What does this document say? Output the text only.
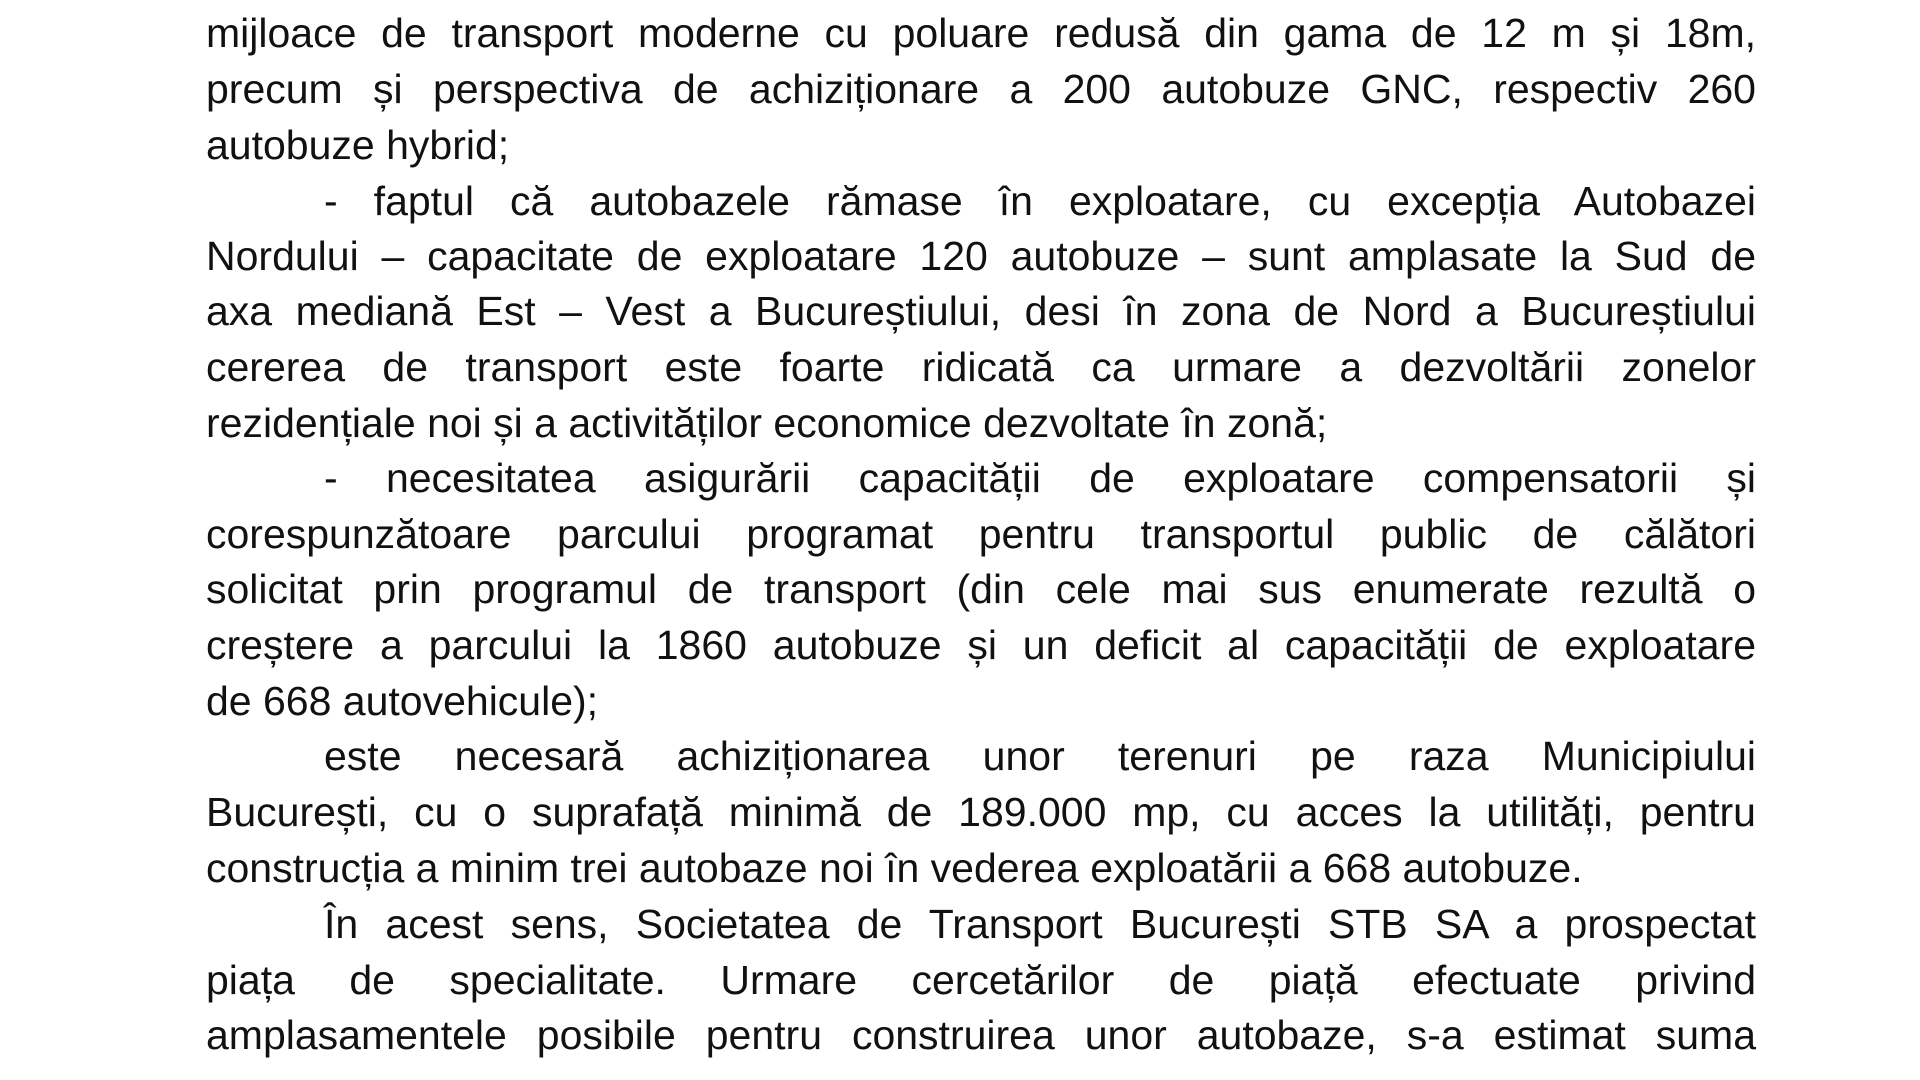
mijloace de transport moderne cu poluare redusă din gama de 12 m și 18m,
precum și perspectiva de achiziționare a 200 autobuze GNC, respectiv 260
autobuze hybrid;
- faptul că autobazele rămase în exploatare, cu excepția Autobazei
Nordului – capacitate de exploatare 120 autobuze – sunt amplasate la Sud de
axa mediană Est – Vest a Bucureștiului, desi în zona de Nord a Bucureștiului
cererea de transport este foarte ridicată ca urmare a dezvoltării zonelor
rezidențiale noi și a activităților economice dezvoltate în zonă;
- necesitatea asigurării capacității de exploatare compensatorii și
corespunzătoare parcului programat pentru transportul public de călători
solicitat prin programul de transport (din cele mai sus enumerate rezultă o
creștere a parcului la 1860 autobuze și un deficit al capacității de exploatare
de 668 autovehicule);
este necesară achiziționarea unor terenuri pe raza Municipiului
București, cu o suprafață minimă de 189.000 mp, cu acces la utilități, pentru
construcția a minim trei autobaze noi în vederea exploatării a 668 autobuze.
În acest sens, Societatea de Transport București STB SA a prospectat
piața de specialitate. Urmare cercetărilor de piață efectuate privind
amplasamentele posibile pentru construirea unor autobaze, s-a estimat suma
